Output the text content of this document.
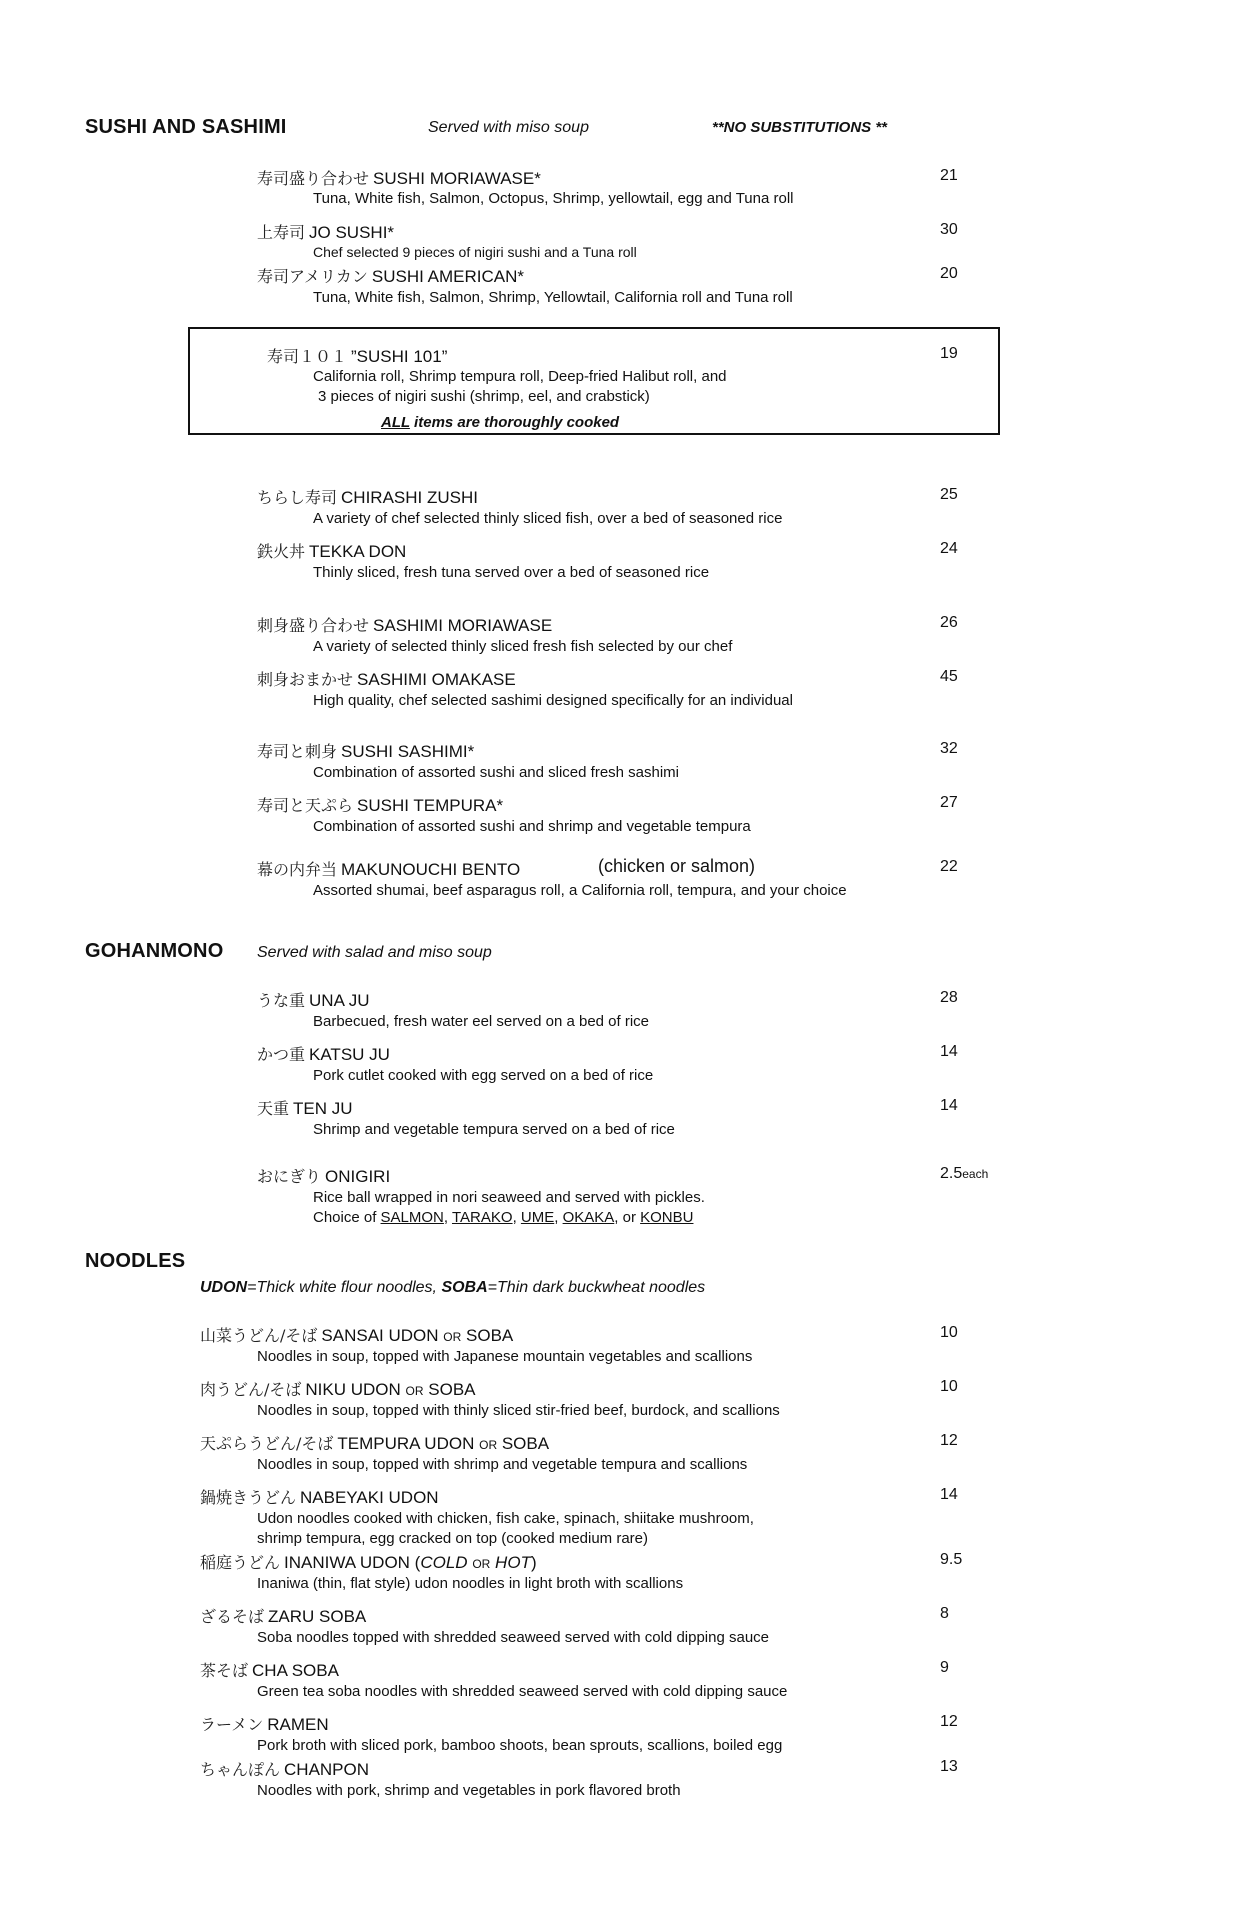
SUSHI AND SASHIMI	Served with miso soup	**NO SUBSTITUTIONS **
寿司盛り合わせ SUSHI MORIAWASE*
Tuna, White fish, Salmon, Octopus, Shrimp, yellowtail, egg and Tuna roll
21
上寿司 JO SUSHI*
Chef selected 9 pieces of nigiri sushi and a Tuna roll
30
寿司アメリカン SUSHI AMERICAN*
Tuna, White fish, Salmon, Shrimp, Yellowtail, California roll and Tuna roll
20
寿司１０１ ”SUSHI 101”
California roll, Shrimp tempura roll, Deep-fried Halibut roll, and
3 pieces of nigiri sushi (shrimp, eel, and crabstick)
ALL items are thoroughly cooked
19
ちらし寿司 CHIRASHI ZUSHI
A variety of chef selected thinly sliced fish, over a bed of seasoned rice
25
鉄火丼 TEKKA DON
Thinly sliced, fresh tuna served over a bed of seasoned rice
24
刺身盛り合わせ SASHIMI MORIAWASE
A variety of selected thinly sliced fresh fish selected by our chef
26
刺身おまかせ SASHIMI OMAKASE
High quality, chef selected sashimi designed specifically for an individual
45
寿司と刺身 SUSHI SASHIMI*
Combination of assorted sushi and sliced fresh sashimi
32
寿司と天ぷら SUSHI TEMPURA*
Combination of assorted sushi and shrimp and vegetable tempura
27
幕の内弁当 MAKUNOUCHI BENTO	(chicken or salmon)
Assorted shumai, beef asparagus roll, a California roll, tempura, and your choice
22
GOHANMONO Served with salad and miso soup
うな重 UNA JU
Barbecued, fresh water eel served on a bed of rice
28
かつ重 KATSU JU
Pork cutlet cooked with egg served on a bed of rice
14
天重 TEN JU
Shrimp and vegetable tempura served on a bed of rice
14
おにぎり ONIGIRI
Rice ball wrapped in nori seaweed and served with pickles.
Choice of SALMON, TARAKO, UME, OKAKA, or KONBU
2.5each
NOODLES
UDON=Thick white flour noodles, SOBA=Thin dark buckwheat noodles
山菜うどん/そば SANSAI UDON OR SOBA
Noodles in soup, topped with Japanese mountain vegetables and scallions
10
肉うどん/そば NIKU UDON OR SOBA
Noodles in soup, topped with thinly sliced stir-fried beef, burdock, and scallions
10
天ぷらうどん/そば TEMPURA UDON OR SOBA
Noodles in soup, topped with shrimp and vegetable tempura and scallions
12
鍋焼きうどん NABEYAKI UDON
Udon noodles cooked with chicken, fish cake, spinach, shiitake mushroom,
shrimp tempura, egg cracked on top (cooked medium rare)
14
稲庭うどん INANIWA UDON (COLD OR HOT)
Inaniwa (thin, flat style) udon noodles in light broth with scallions
9.5
ざるそば ZARU SOBA
Soba noodles topped with shredded seaweed served with cold dipping sauce
8
茶そば CHA SOBA
Green tea soba noodles with shredded seaweed served with cold dipping sauce
9
ラーメン RAMEN
Pork broth with sliced pork, bamboo shoots, bean sprouts, scallions, boiled egg
12
ちゃんぽん CHANPON
Noodles with pork, shrimp and vegetables in pork flavored broth
13
